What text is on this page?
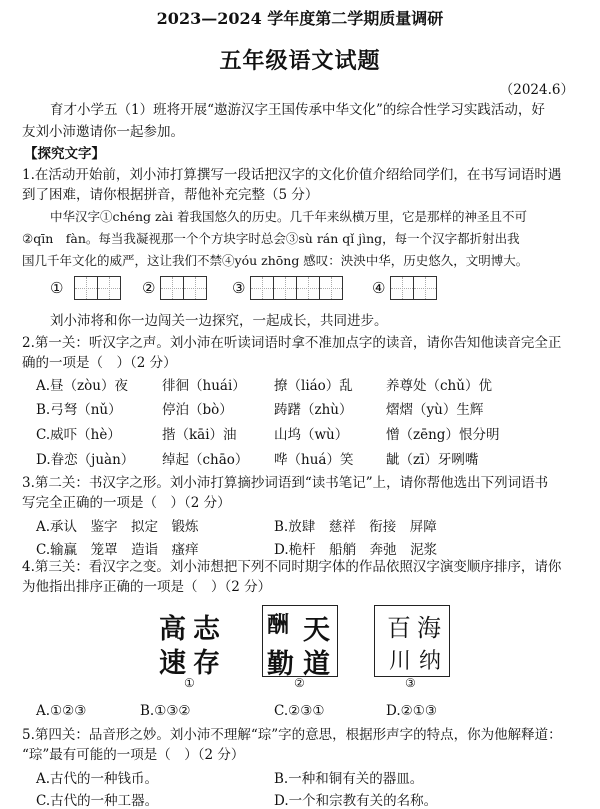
2023—2024 学年度第二学期质量调研
五年级语文试题
（2024.6）
育才小学五（1）班将开展“遨游汉字王国传承中华文化”的综合性学习实践活动，好
友刘小沛邀请你一起参加。
【探究文字】
1.在活动开始前，刘小沛打算撰写一段话把汉字的文化价值介绍给同学们，在书写词语时遇
到了困难，请你根据拼音，帮他补充完整（5 分）
中华汉字①chéng zài 着我国悠久的历史。几千年来纵横万里，它是那样的神圣且不可
②qīn　fàn。每当我凝视那一个个方块字时总会③sù rán qǐ jìng，每一个汉字都折射出我
国几千年文化的威严，这让我们不禁④yóu zhōng 感叹：泱泱中华，历史悠久，文明博大。
①	②	③	④
刘小沛将和你一边闯关一边探究，一起成长，共同进步。
2.第一关：听汉字之声。刘小沛在听读词语时拿不准加点字的读音，请你告知他读音完全正
确的一项是（　）（2 分）
A.昼（zòu）夜	徘徊（huái） 撩（liáo）乱 养尊处（chǔ）优
B.弓弩（nǔ）	停泊（bò）	踌躇（zhù） 熠熠（yù）生辉
C.威吓（hè）	揩（kāi）油	山坞（wù）	憎（zēng）恨分明
D.眷恋（juàn） 绰起（chāo） 哗（huá）笑 龇（zī）牙咧嘴
3.第二关：书汉字之形。刘小沛打算摘抄词语到“读书笔记”上，请你帮他选出下列词语书
写完全正确的一项是（　）（2 分）
A.承认　鉴字　拟定　锻炼	B.放肆　慈祥　衔接　屏障
C.输赢　笼罩　造诣　瘙痒	D.桅杆　船艄　奔弛　泥浆
4.第三关：看汉字之变。刘小沛想把下列不同时期字体的作品依照汉字演变顺序排序，请你
为他指出排序正确的一项是（　）（2 分）
高 志
速 存
①
酬 天
勤 道
②
百 海
川 纳
③
A.①②③	B.①③②	C.②③①	D.②①③
5.第四关：品音形之妙。刘小沛不理解“琮”字的意思，根据形声字的特点，你为他解释道：
“琮”最有可能的一项是（　）（2 分）
A.古代的一种钱币。	B.一种和铜有关的器皿。
C.古代的一种工器。	D.一个和宗教有关的名称。
